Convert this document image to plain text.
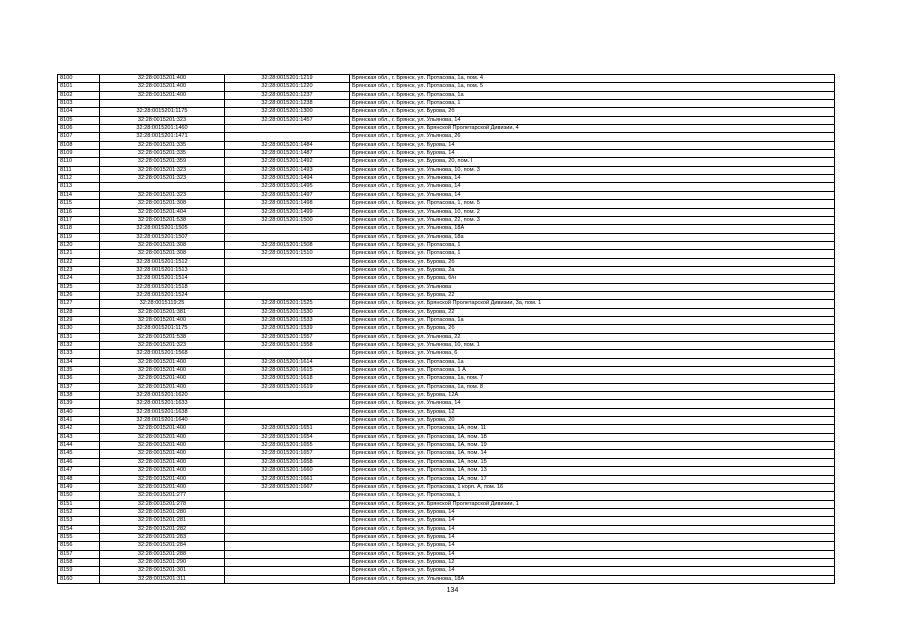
8100	32:28:0015201:400	32:28:0015201:1219	Брянская обл., г. Брянск, ул. Протасова, 1а, пом. 4
8101	32:28:0015201:400	32:28:0015201:1220	Брянская обл., г. Брянск, ул. Протасова, 1а, пом. 5
8102	32:28:0015201:400	32:28:0015201:1237	Брянская обл., г. Брянск, ул. Протасова, 1а
8103		32:28:0015201:1238	Брянская обл., г. Брянск, ул. Протасова, 1
8104	32:28:0015201:1175	32:28:0015201:1300	Брянская обл., г. Брянск, ул. Бурова, 2б
8105	32:28:0015201:323	32:28:0015201:1457	Брянская обл., г. Брянск, ул. Ульянова, 14
8106	32:28:0015201:1460		Брянская обл., г. Брянск, ул. Брянской Пролетарской Дивизии, 4
8107	32:28:0015201:1471		Брянская обл., г. Брянск, ул. Ульянова, 26
8108	32:28:0015201:335	32:28:0015201:1484	Брянская обл., г. Брянск, ул. Бурова, 14
8109	32:28:0015201:335	32:28:0015201:1487	Брянская обл., г. Брянск, ул. Бурова, 14
8110	32:28:0015201:359	32:28:0015201:1492	Брянская обл., г. Брянск, ул. Бурова, 20, пом. I
8111	32:28:0015201:323	32:28:0015201:1493	Брянская обл., г. Брянск, ул. Ульянова, 10, пом. 3
8112	32:28:0015201:323	32:28:0015201:1494	Брянская обл., г. Брянск, ул. Ульянова, 14
8113		32:28:0015201:1495	Брянская обл., г. Брянск, ул. Ульянова, 14
8114	32:28:0015201:323	32:28:0015201:1497	Брянская обл., г. Брянск, ул. Ульянова, 14
8115	32:28:0015201:308	32:28:0015201:1498	Брянская обл., г. Брянск, ул. Протасова, 1, пом. 5
8116	32:28:0015201:404	32:28:0015201:1499	Брянская обл., г. Брянск, ул. Ульянова, 10, пом. 2
8117	32:28:0015201:538	32:28:0015201:1500	Брянская обл., г. Брянск, ул. Ульянова, 22, пом. 3
8118	32:28:0015201:1505		Брянская обл., г. Брянск, ул. Ульянова, 18А
8119	32:28:0015201:1507		Брянская обл., г. Брянск, ул. Ульянова, 18а
8120	32:28:0015201:308	32:28:0015201:1508	Брянская обл., г. Брянск, ул. Протасова, 1
8121	32:28:0015201:308	32:28:0015201:1510	Брянская обл., г. Брянск, ул. Протасова, 1
8122	32:28:0015201:1512		Брянская обл., г. Брянск, ул. Бурова, 2б
8123	32:28:0015201:1513		Брянская обл., г. Брянск, ул. Бурова, 2а
8124	32:28:0015201:1514		Брянская обл., г. Брянск, ул. Бурова, б/н
8125	32:28:0015201:1518		Брянская обл., г. Брянск, ул. Ульянова
8126	32:28:0015201:1524		Брянская обл., г. Брянск, ул. Бурова, 22
8127	32:28:0015119:25	32:28:0015201:1525	Брянская обл., г. Брянск, ул. Брянской Пролетарской Дивизии, 3а, пом. 1
8128	32:28:0015201:381	32:28:0015201:1530	Брянская обл., г. Брянск, ул. Бурова, 22
8129	32:28:0015201:400	32:28:0015201:1533	Брянская обл., г. Брянск, ул. Протасова, 1а
8130	32:28:0015201:1175	32:28:0015201:1539	Брянская обл., г. Брянск, ул. Бурова, 2б
8131	32:28:0015201:538	32:28:0015201:1557	Брянская обл., г. Брянск, ул. Ульянова, 22
8132	32:28:0015201:323	32:28:0015201:1558	Брянская обл., г. Брянск, ул. Ульянова, 10, пом. 1
8133	32:28:0015201:1568		Брянская обл., г. Брянск, ул. Ульянова, 6
8134	32:28:0015201:400	32:28:0015201:1614	Брянская обл., г. Брянск, ул. Протасова, 1а
8135	32:28:0015201:400	32:28:0015201:1615	Брянская обл., г. Брянск, ул. Протасова, 1 А
8136	32:28:0015201:400	32:28:0015201:1618	Брянская обл., г. Брянск, ул. Протасова, 1а, пом. 7
8137	32:28:0015201:400	32:28:0015201:1619	Брянская обл., г. Брянск, ул. Протасова, 1а, пом. 8
8138	32:28:0015201:1620		Брянская обл., г. Брянск, ул. Бурова, 12А
8139	32:28:0015201:1633		Брянская обл., г. Брянск, ул. Ульянова, 14
8140	32:28:0015201:1638		Брянская обл., г. Брянск, ул. Бурова, 12
8141	32:28:0015201:1640		Брянская обл., г. Брянск, ул. Бурова, 20
8142	32:28:0015201:400	32:28:0015201:1651	Брянская обл., г. Брянск, ул. Протасова, 1А, пом. 11
8143	32:28:0015201:400	32:28:0015201:1654	Брянская обл., г. Брянск, ул. Протасова, 1А, пом. 18
8144	32:28:0015201:400	32:28:0015201:1655	Брянская обл., г. Брянск, ул. Протасова, 1А, пом. 19
8145	32:28:0015201:400	32:28:0015201:1657	Брянская обл., г. Брянск, ул. Протасова, 1А, пом. 14
8146	32:28:0015201:400	32:28:0015201:1658	Брянская обл., г. Брянск, ул. Протасова, 1А, пом. 15
8147	32:28:0015201:400	32:28:0015201:1660	Брянская обл., г. Брянск, ул. Протасова, 1А, пом. 13
8148	32:28:0015201:400	32:28:0015201:1661	Брянская обл., г. Брянск, ул. Протасова, 1А, пом. 17
8149	32:28:0015201:400	32:28:0015201:1667	Брянская обл., г. Брянск, ул. Протасова, 1 корп. А, пом. 16
8150	32:28:0015201:277		Брянская обл., г. Брянск, ул. Протасова, 1
8151	32:28:0015201:278		Брянская обл., г. Брянск, ул. Брянской Пролетарской Дивизии, 1
8152	32:28:0015201:280		Брянская обл., г. Брянск, ул. Бурова, 14
8153	32:28:0015201:281		Брянская обл., г. Брянск, ул. Бурова, 14
8154	32:28:0015201:282		Брянская обл., г. Брянск, ул. Бурова, 14
8155	32:28:0015201:283		Брянская обл., г. Брянск, ул. Бурова, 14
8156	32:28:0015201:284		Брянская обл., г. Брянск, ул. Бурова, 14
8157	32:28:0015201:288		Брянская обл., г. Брянск, ул. Бурова, 14
8158	32:28:0015201:290		Брянская обл., г. Брянск, ул. Бурова, 12
8159	32:28:0015201:301		Брянская обл., г. Брянск, ул. Бурова, 14
8160	32:28:0015201:311		Брянская обл., г. Брянск, ул. Ульянова, 18А
134
